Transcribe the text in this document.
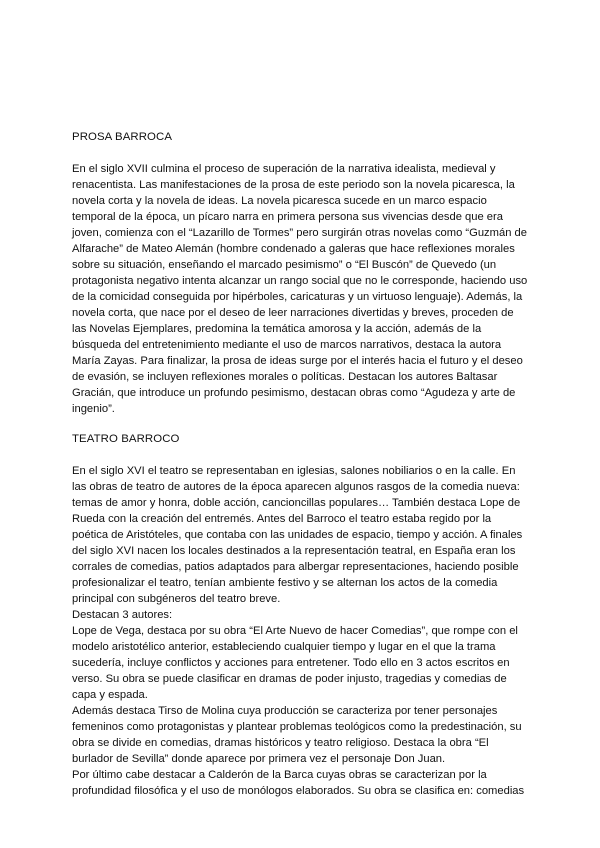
PROSA BARROCA

En el siglo XVII culmina el proceso de superación de la narrativa idealista, medieval y renacentista. Las manifestaciones de la prosa de este periodo son la novela picaresca, la novela corta y la novela de ideas. La novela picaresca sucede en un marco espacio temporal de la época, un pícaro narra en primera persona sus vivencias desde que era joven, comienza con el “Lazarillo de Tormes” pero surgirán otras novelas como “Guzmán de Alfarache” de Mateo Alemán (hombre condenado a galeras que hace reflexiones morales sobre su situación, enseñando el marcado pesimismo” o “El Buscón” de Quevedo (un protagonista negativo intenta alcanzar un rango social que no le corresponde, haciendo uso de la comicidad conseguida por hipérboles, caricaturas y un virtuoso lenguaje). Además, la novela corta, que nace por el deseo de leer narraciones divertidas y breves, proceden de las Novelas Ejemplares, predomina la temática amorosa y la acción, además de la búsqueda del entretenimiento mediante el uso de marcos narrativos, destaca la autora María Zayas. Para finalizar, la prosa de ideas surge por el interés hacia el futuro y el deseo de evasión, se incluyen reflexiones morales o políticas. Destacan los autores Baltasar Gracián, que introduce un profundo pesimismo, destacan obras como “Agudeza y arte de ingenio”.

TEATRO BARROCO

En el siglo XVI el teatro se representaban en iglesias, salones nobiliarios o en la calle. En las obras de teatro de autores de la época aparecen algunos rasgos de la comedia nueva: temas de amor y honra, doble acción, cancioncillas populares… También destaca Lope de Rueda con la creación del entremés. Antes del Barroco el teatro estaba regido por la poética de Aristóteles, que contaba con las unidades de espacio, tiempo y acción. A finales del siglo XVI nacen los locales destinados a la representación teatral, en España eran los corrales de comedias, patios adaptados para albergar representaciones, haciendo posible profesionalizar el teatro, tenían ambiente festivo y se alternan los actos de la comedia principal con subgéneros del teatro breve.

Destacan 3 autores:

Lope de Vega, destaca por su obra “El Arte Nuevo de hacer Comedias”, que rompe con el modelo aristotélico anterior, estableciendo cualquier tiempo y lugar en el que la trama sucedería, incluye conflictos y acciones para entretener. Todo ello en 3 actos escritos en verso. Su obra se puede clasificar en dramas de poder injusto, tragedias y comedias de capa y espada.

Además destaca Tirso de Molina cuya producción se caracteriza por tener personajes femeninos como protagonistas y plantear problemas teológicos como la predestinación, su obra se divide en comedias, dramas históricos y teatro religioso. Destaca la obra “El burlador de Sevilla” donde aparece por primera vez el personaje Don Juan.

Por último cabe destacar a Calderón de la Barca cuyas obras se caracterizan por la profundidad filosófica y el uso de monólogos elaborados. Su obra se clasifica en: comedias
